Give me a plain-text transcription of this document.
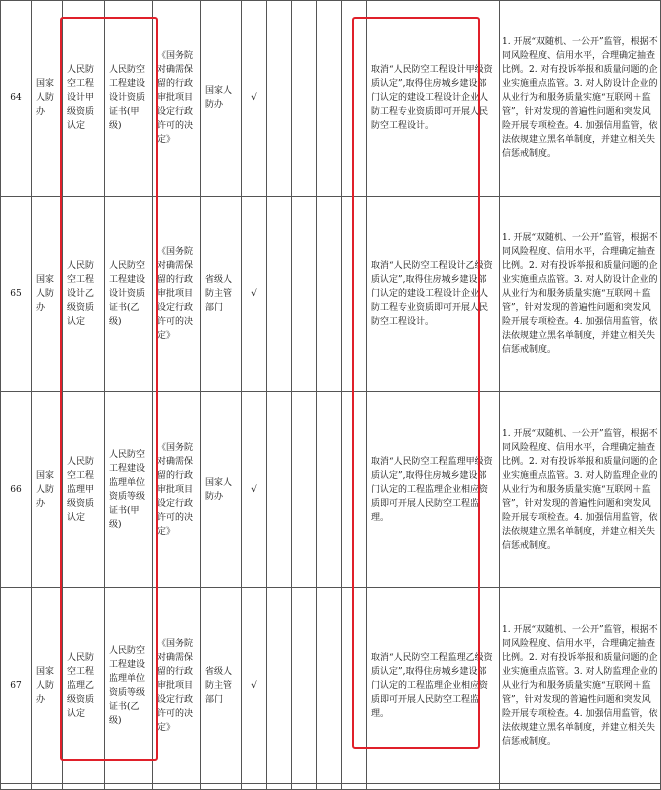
64	国家人防办	人民防空工程设计甲级资质认定	人民防空工程建设设计资质证书(甲级)	《国务院对确需保留的行政审批项目设定行政许可的决定》	国家人防办	√					取消“人民防空工程设计甲级资质认定”,取得住房城乡建设部门认定的建设工程设计企业人防工程专业资质即可开展人民防空工程设计。	1. 开展“双随机、一公开”监管，根据不同风险程度、信用水平，合理确定抽查比例。2. 对有投诉举报和质量问题的企业实施重点监管。3. 对人防设计企业的从业行为和服务质量实施“互联网＋监管”，针对发现的普遍性问题和突发风险开展专项检查。4. 加强信用监管，依法依规建立黑名单制度，并建立相关失信惩戒制度。
65	国家人防办	人民防空工程设计乙级资质认定	人民防空工程建设设计资质证书(乙级)	《国务院对确需保留的行政审批项目设定行政许可的决定》	省级人防主管部门	√					取消“人民防空工程设计乙级资质认定”,取得住房城乡建设部门认定的建设工程设计企业人防工程专业资质即可开展人民防空工程设计。	1. 开展“双随机、一公开”监管，根据不同风险程度、信用水平，合理确定抽查比例。2. 对有投诉举报和质量问题的企业实施重点监管。3. 对人防设计企业的从业行为和服务质量实施“互联网＋监管”，针对发现的普遍性问题和突发风险开展专项检查。4. 加强信用监管，依法依规建立黑名单制度，并建立相关失信惩戒制度。
66	国家人防办	人民防空工程监理甲级资质认定	人民防空工程建设监理单位资质等级证书(甲级)	《国务院对确需保留的行政审批项目设定行政许可的决定》	国家人防办	√					取消“人民防空工程监理甲级资质认定”,取得住房城乡建设部门认定的工程监理企业相应资质即可开展人民防空工程监理。	1. 开展“双随机、一公开”监管，根据不同风险程度、信用水平，合理确定抽查比例。2. 对有投诉举报和质量问题的企业实施重点监管。3. 对人防监理企业的从业行为和服务质量实施“互联网＋监管”，针对发现的普遍性问题和突发风险开展专项检查。4. 加强信用监管，依法依规建立黑名单制度，并建立相关失信惩戒制度。
67	国家人防办	人民防空工程监理乙级资质认定	人民防空工程建设监理单位资质等级证书(乙级)	《国务院对确需保留的行政审批项目设定行政许可的决定》	省级人防主管部门	√					取消“人民防空工程监理乙级资质认定”,取得住房城乡建设部门认定的工程监理企业相应资质即可开展人民防空工程监理。	1. 开展“双随机、一公开”监管，根据不同风险程度、信用水平，合理确定抽查比例。2. 对有投诉举报和质量问题的企业实施重点监管。3. 对人防监理企业的从业行为和服务质量实施“互联网＋监管”，针对发现的普遍性问题和突发风险开展专项检查。4. 加强信用监管，依法依规建立黑名单制度，并建立相关失信惩戒制度。
